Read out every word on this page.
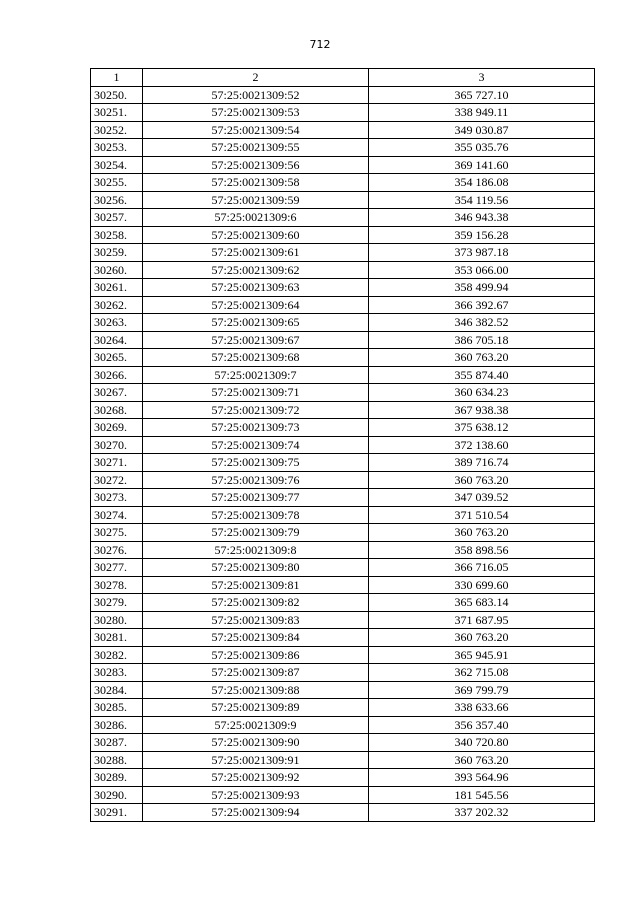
712
1	2	3
30250.	57:25:0021309:52	365 727.10
30251.	57:25:0021309:53	338 949.11
30252.	57:25:0021309:54	349 030.87
30253.	57:25:0021309:55	355 035.76
30254.	57:25:0021309:56	369 141.60
30255.	57:25:0021309:58	354 186.08
30256.	57:25:0021309:59	354 119.56
30257.	57:25:0021309:6	346 943.38
30258.	57:25:0021309:60	359 156.28
30259.	57:25:0021309:61	373 987.18
30260.	57:25:0021309:62	353 066.00
30261.	57:25:0021309:63	358 499.94
30262.	57:25:0021309:64	366 392.67
30263.	57:25:0021309:65	346 382.52
30264.	57:25:0021309:67	386 705.18
30265.	57:25:0021309:68	360 763.20
30266.	57:25:0021309:7	355 874.40
30267.	57:25:0021309:71	360 634.23
30268.	57:25:0021309:72	367 938.38
30269.	57:25:0021309:73	375 638.12
30270.	57:25:0021309:74	372 138.60
30271.	57:25:0021309:75	389 716.74
30272.	57:25:0021309:76	360 763.20
30273.	57:25:0021309:77	347 039.52
30274.	57:25:0021309:78	371 510.54
30275.	57:25:0021309:79	360 763.20
30276.	57:25:0021309:8	358 898.56
30277.	57:25:0021309:80	366 716.05
30278.	57:25:0021309:81	330 699.60
30279.	57:25:0021309:82	365 683.14
30280.	57:25:0021309:83	371 687.95
30281.	57:25:0021309:84	360 763.20
30282.	57:25:0021309:86	365 945.91
30283.	57:25:0021309:87	362 715.08
30284.	57:25:0021309:88	369 799.79
30285.	57:25:0021309:89	338 633.66
30286.	57:25:0021309:9	356 357.40
30287.	57:25:0021309:90	340 720.80
30288.	57:25:0021309:91	360 763.20
30289.	57:25:0021309:92	393 564.96
30290.	57:25:0021309:93	181 545.56
30291.	57:25:0021309:94	337 202.32
